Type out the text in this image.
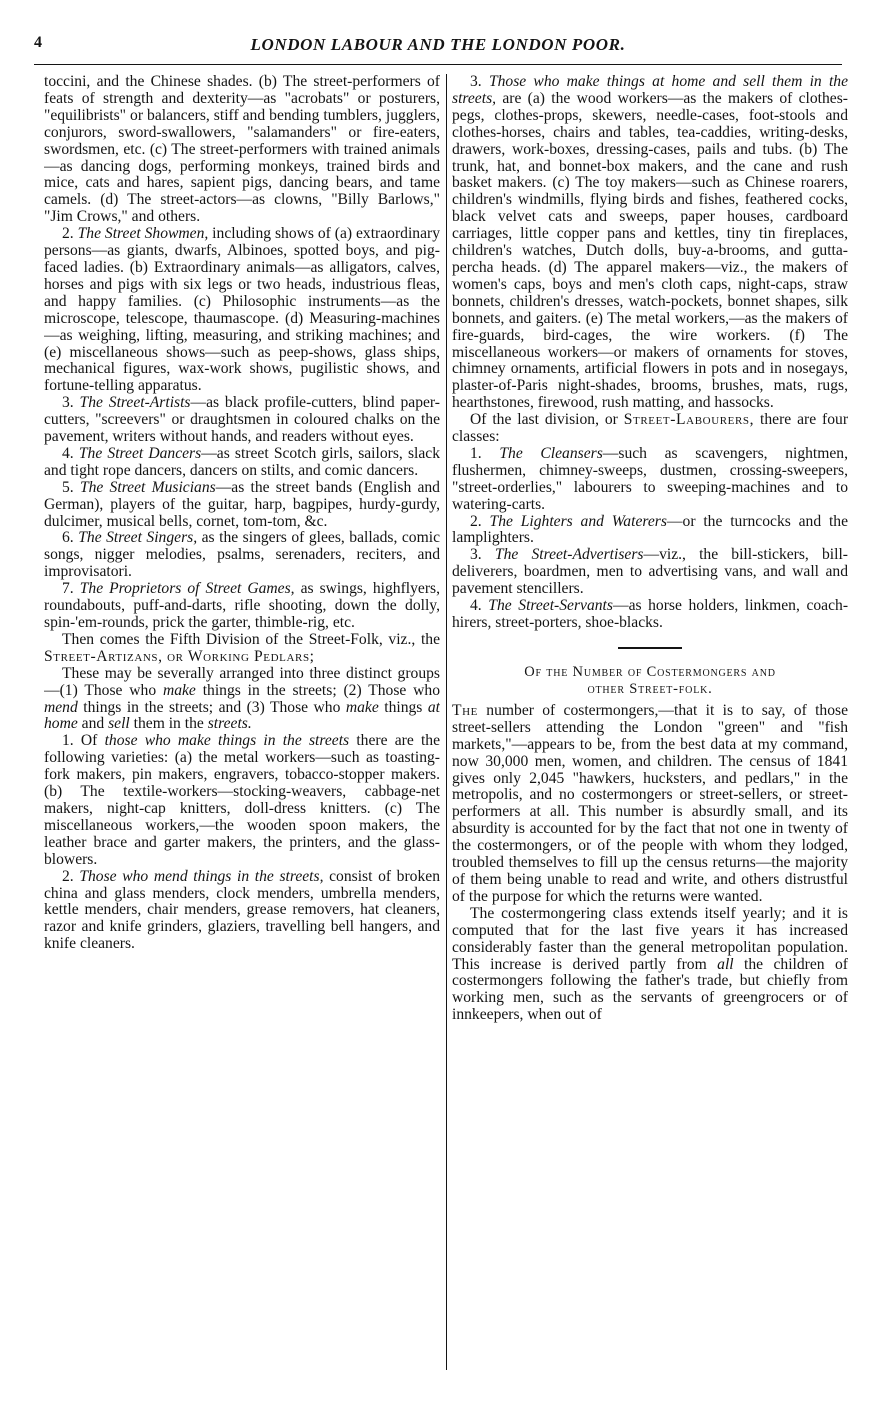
4	LONDON LABOUR AND THE LONDON POOR.

toccini, and the Chinese shades. (b) The street-performers of feats of strength and dexterity—as "acrobats" or posturers, "equilibrists" or balancers, stiff and bending tumblers, jugglers, conjurors, sword-swallowers, "salamanders" or fire-eaters, swordsmen, etc. (c) The street-performers with trained animals—as dancing dogs, performing monkeys, trained birds and mice, cats and hares, sapient pigs, dancing bears, and tame camels. (d) The street-actors—as clowns, "Billy Barlows," "Jim Crows," and others.

2. The Street Showmen, including shows of (a) extraordinary persons—as giants, dwarfs, Albinoes, spotted boys, and pig-faced ladies. (b) Extraordinary animals—as alligators, calves, horses and pigs with six legs or two heads, industrious fleas, and happy families. (c) Philosophic instruments—as the microscope, telescope, thaumascope. (d) Measuring-machines—as weighing, lifting, measuring, and striking machines; and (e) miscellaneous shows—such as peep-shows, glass ships, mechanical figures, wax-work shows, pugilistic shows, and fortune-telling apparatus.

3. The Street-Artists—as black profile-cutters, blind paper-cutters, "screevers" or draughtsmen in coloured chalks on the pavement, writers without hands, and readers without eyes.

4. The Street Dancers—as street Scotch girls, sailors, slack and tight rope dancers, dancers on stilts, and comic dancers.

5. The Street Musicians—as the street bands (English and German), players of the guitar, harp, bagpipes, hurdy-gurdy, dulcimer, musical bells, cornet, tom-tom, &c.

6. The Street Singers, as the singers of glees, ballads, comic songs, nigger melodies, psalms, serenaders, reciters, and improvisatori.

7. The Proprietors of Street Games, as swings, highflyers, roundabouts, puff-and-darts, rifle shooting, down the dolly, spin-'em-rounds, prick the garter, thimble-rig, etc.

Then comes the Fifth Division of the Street-Folk, viz., the Street-Artizans, or Working Pedlars;

These may be severally arranged into three distinct groups—(1) Those who make things in the streets; (2) Those who mend things in the streets; and (3) Those who make things at home and sell them in the streets.

1. Of those who make things in the streets there are the following varieties: (a) the metal workers—such as toasting-fork makers, pin makers, engravers, tobacco-stopper makers. (b) The textile-workers—stocking-weavers, cabbage-net makers, night-cap knitters, doll-dress knitters. (c) The miscellaneous workers,—the wooden spoon makers, the leather brace and garter makers, the printers, and the glass-blowers.

2. Those who mend things in the streets, consist of broken china and glass menders, clock menders, umbrella menders, kettle menders, chair menders, grease removers, hat cleaners, razor and knife grinders, glaziers, travelling bell hangers, and knife cleaners.

3. Those who make things at home and sell them in the streets, are (a) the wood workers—as the makers of clothes-pegs, clothes-props, skewers, needle-cases, foot-stools and clothes-horses, chairs and tables, tea-caddies, writing-desks, drawers, work-boxes, dressing-cases, pails and tubs. (b) The trunk, hat, and bonnet-box makers, and the cane and rush basket makers. (c) The toy makers—such as Chinese roarers, children's windmills, flying birds and fishes, feathered cocks, black velvet cats and sweeps, paper houses, cardboard carriages, little copper pans and kettles, tiny tin fireplaces, children's watches, Dutch dolls, buy-a-brooms, and gutta-percha heads. (d) The apparel makers—viz., the makers of women's caps, boys and men's cloth caps, night-caps, straw bonnets, children's dresses, watch-pockets, bonnet shapes, silk bonnets, and gaiters. (e) The metal workers,—as the makers of fire-guards, bird-cages, the wire workers. (f) The miscellaneous workers—or makers of ornaments for stoves, chimney ornaments, artificial flowers in pots and in nosegays, plaster-of-Paris night-shades, brooms, brushes, mats, rugs, hearthstones, firewood, rush matting, and hassocks.

Of the last division, or Street-Labourers, there are four classes:

1. The Cleansers—such as scavengers, nightmen, flushermen, chimney-sweeps, dustmen, crossing-sweepers, "street-orderlies," labourers to sweeping-machines and to watering-carts.

2. The Lighters and Waterers—or the turncocks and the lamplighters.

3. The Street-Advertisers—viz., the bill-stickers, bill-deliverers, boardmen, men to advertising vans, and wall and pavement stencillers.

4. The Street-Servants—as horse holders, linkmen, coach-hirers, street-porters, shoe-blacks.

Of the Number of Costermongers and
other Street-folk.

The number of costermongers,—that it is to say, of those street-sellers attending the London "green" and "fish markets,"—appears to be, from the best data at my command, now 30,000 men, women, and children. The census of 1841 gives only 2,045 "hawkers, hucksters, and pedlars," in the metropolis, and no costermongers or street-sellers, or street-performers at all. This number is absurdly small, and its absurdity is accounted for by the fact that not one in twenty of the costermongers, or of the people with whom they lodged, troubled themselves to fill up the census returns—the majority of them being unable to read and write, and others distrustful of the purpose for which the returns were wanted.

The costermongering class extends itself yearly; and it is computed that for the last five years it has increased considerably faster than the general metropolitan population. This increase is derived partly from all the children of costermongers following the father's trade, but chiefly from working men, such as the servants of greengrocers or of innkeepers, when out of
